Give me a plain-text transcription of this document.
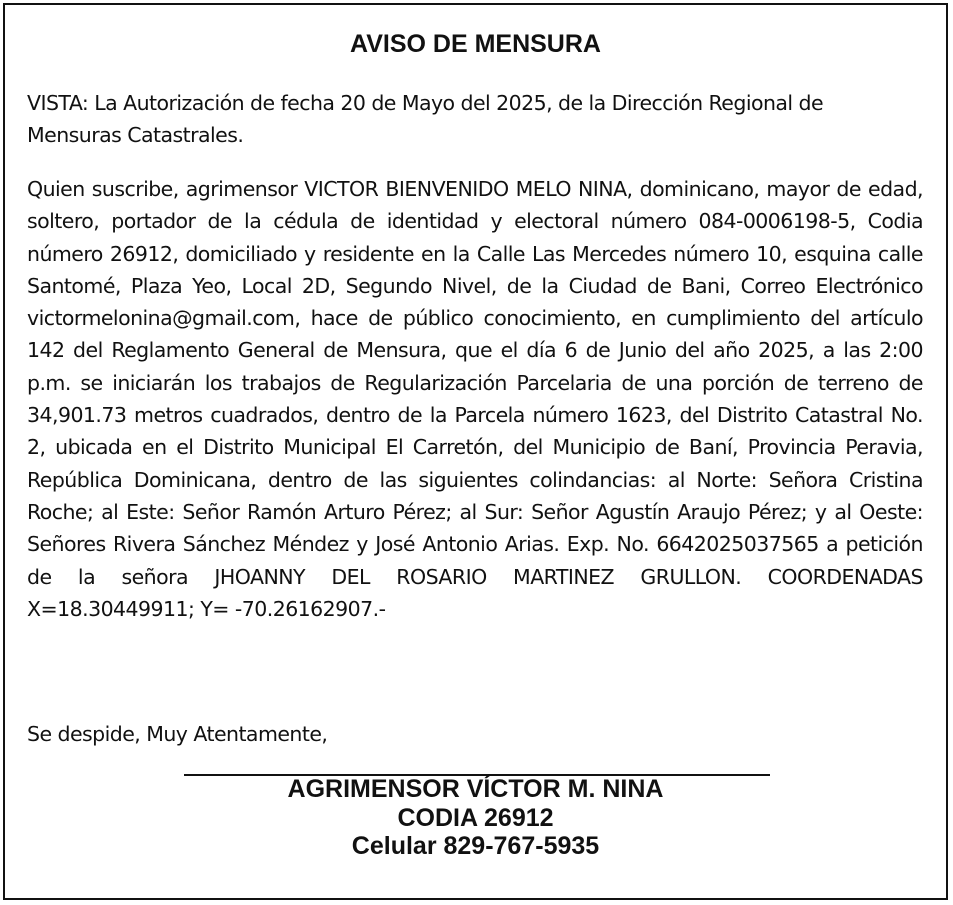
AVISO DE MENSURA

VISTA: La Autorización de fecha 20 de Mayo del 2025, de la Dirección Regional de Mensuras Catastrales.

Quien suscribe, agrimensor VICTOR BIENVENIDO MELO NINA, dominicano, mayor de edad, soltero, portador de la cédula de identidad y electoral número 084-0006198-5, Codia número 26912, domiciliado y residente en la Calle Las Mercedes número 10, esquina calle Santomé, Plaza Yeo, Local 2D, Segundo Nivel, de la Ciudad de Bani, Correo Electrónico victormelonina@gmail.com, hace de público conocimiento, en cumplimiento del artículo 142 del Reglamento General de Mensura, que el día 6 de Junio del año 2025, a las 2:00 p.m. se iniciarán los trabajos de Regularización Parcelaria de una porción de terreno de 34,901.73 metros cuadrados, dentro de la Parcela número 1623, del Distrito Catastral No. 2, ubicada en el Distrito Municipal El Carretón, del Municipio de Baní, Provincia Peravia, República Dominicana, dentro de las siguientes colindancias: al Norte: Señora Cristina Roche; al Este: Señor Ramón Arturo Pérez; al Sur: Señor Agustín Araujo Pérez; y al Oeste: Señores Rivera Sánchez Méndez y José Antonio Arias. Exp. No. 6642025037565 a petición de la señora JHOANNY DEL ROSARIO MARTINEZ GRULLON. COORDENADAS X=18.30449911; Y= -70.26162907.-

Se despide, Muy Atentamente,

AGRIMENSOR VÍCTOR M. NINA
CODIA 26912
Celular 829-767-5935
